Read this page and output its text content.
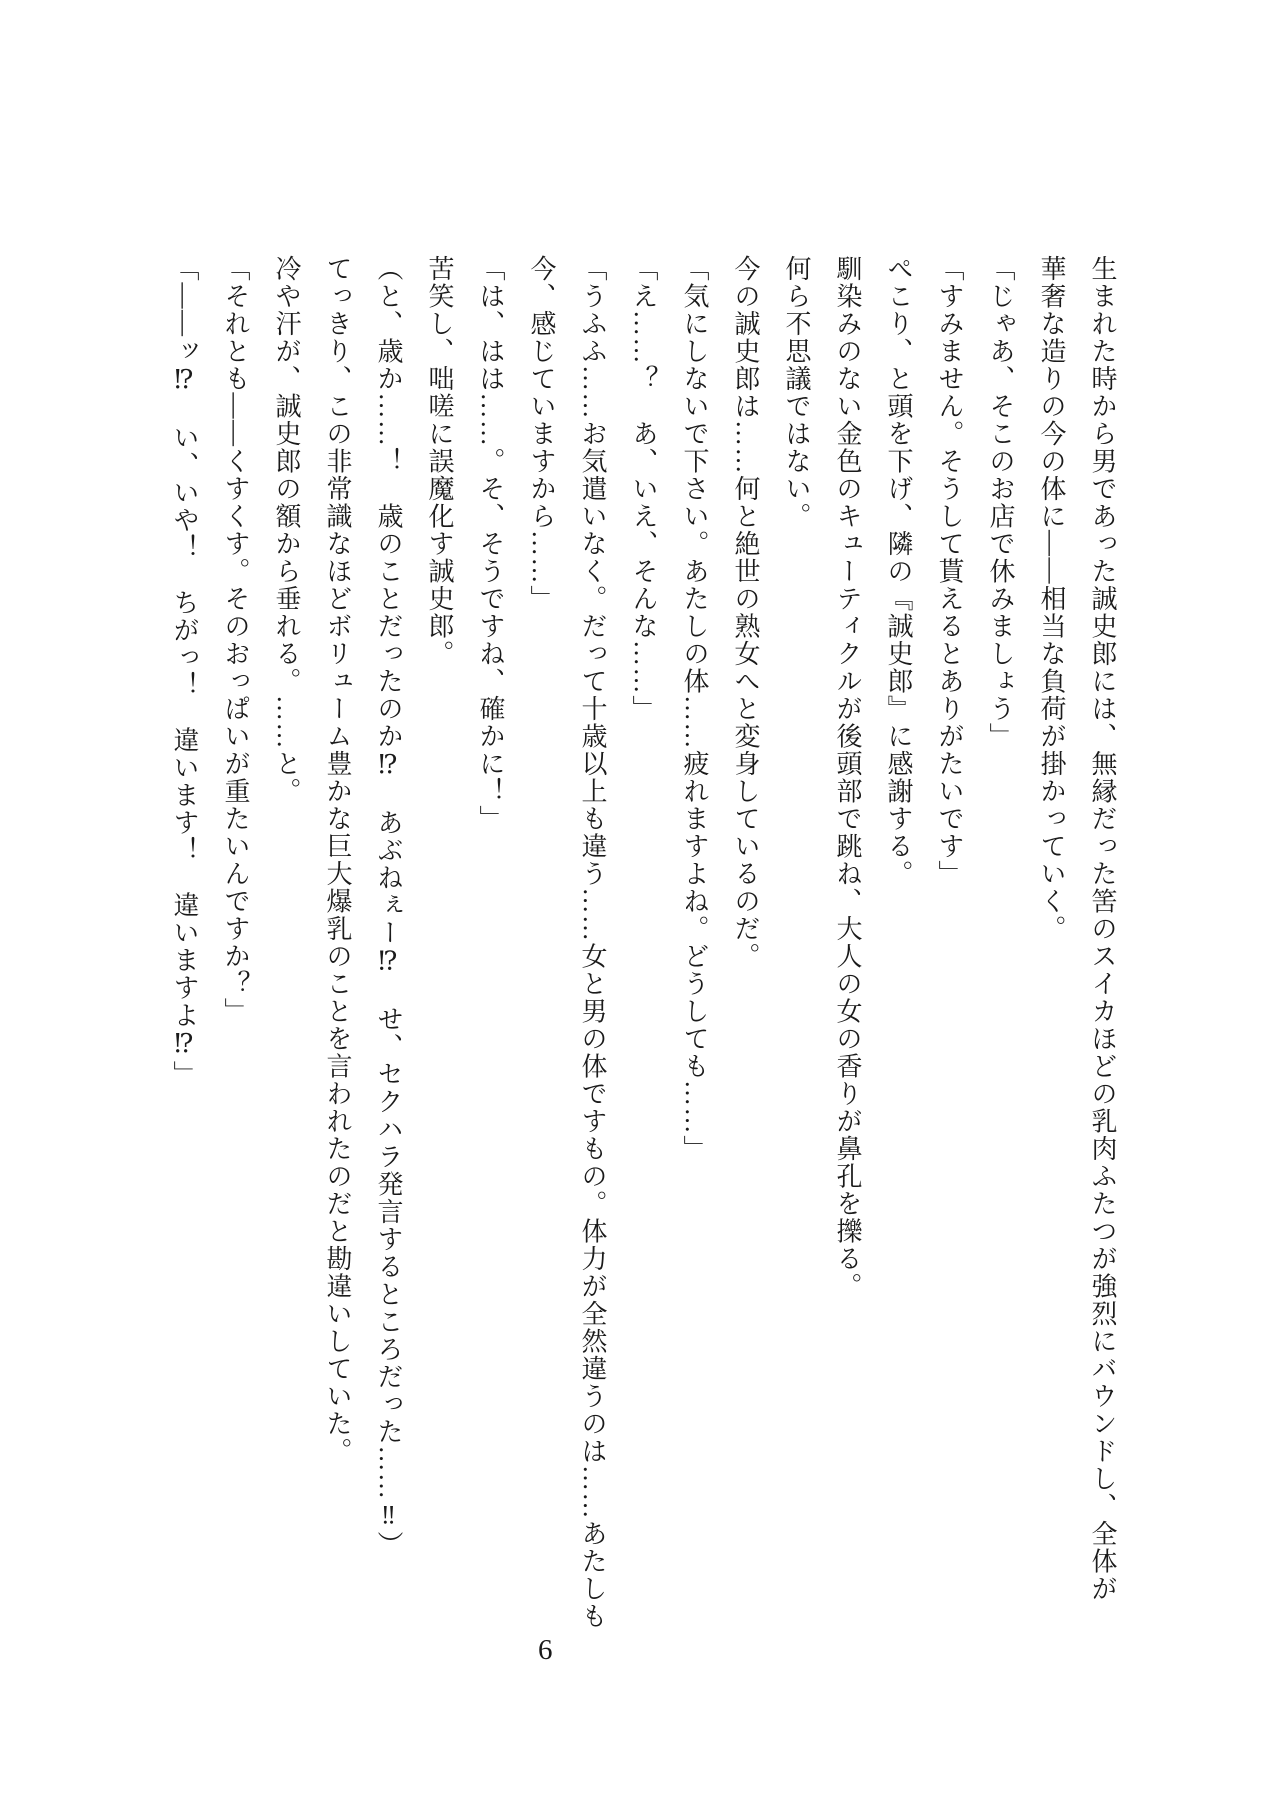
生まれた時から男であった誠史郎には、無縁だった筈のスイカほどの乳肉ふたつが強烈にバウンドし、全体が

華奢な造りの今の体に――相当な負荷が掛かっていく。

「じゃあ、そこのお店で休みましょう」

「すみません。そうして貰えるとありがたいです」

ぺこり、と頭を下げ、隣の『誠史郎』に感謝する。

馴染みのない金色のキューティクルが後頭部で跳ね、大人の女の香りが鼻孔を擽る。

何ら不思議ではない。

今の誠史郎は……何と絶世の熟女へと変身しているのだ。

「気にしないで下さい。あたしの体……疲れますよね。どうしても……」

「え……？　あ、いえ、そんな……」

「うふふ……お気遣いなく。だって十歳以上も違う……女と男の体ですもの。体力が全然違うのは……あたしも

今、感じていますから……」

「は、はは……。そ、そうですね、確かに！」

苦笑し、咄嗟に誤魔化す誠史郎。

（と、歳か……！　歳のことだったのか⁉　あぶねぇー⁉　せ、セクハラ発言するところだった……‼）

てっきり、この非常識なほどボリューム豊かな巨大爆乳のことを言われたのだと勘違いしていた。

冷や汗が、誠史郎の額から垂れる。……と。

「それとも――くすくす。そのおっぱいが重たいんですか？」

「――ッ⁉　い、いや！　ちがっ！　違います！　違いますよ⁉」

6
